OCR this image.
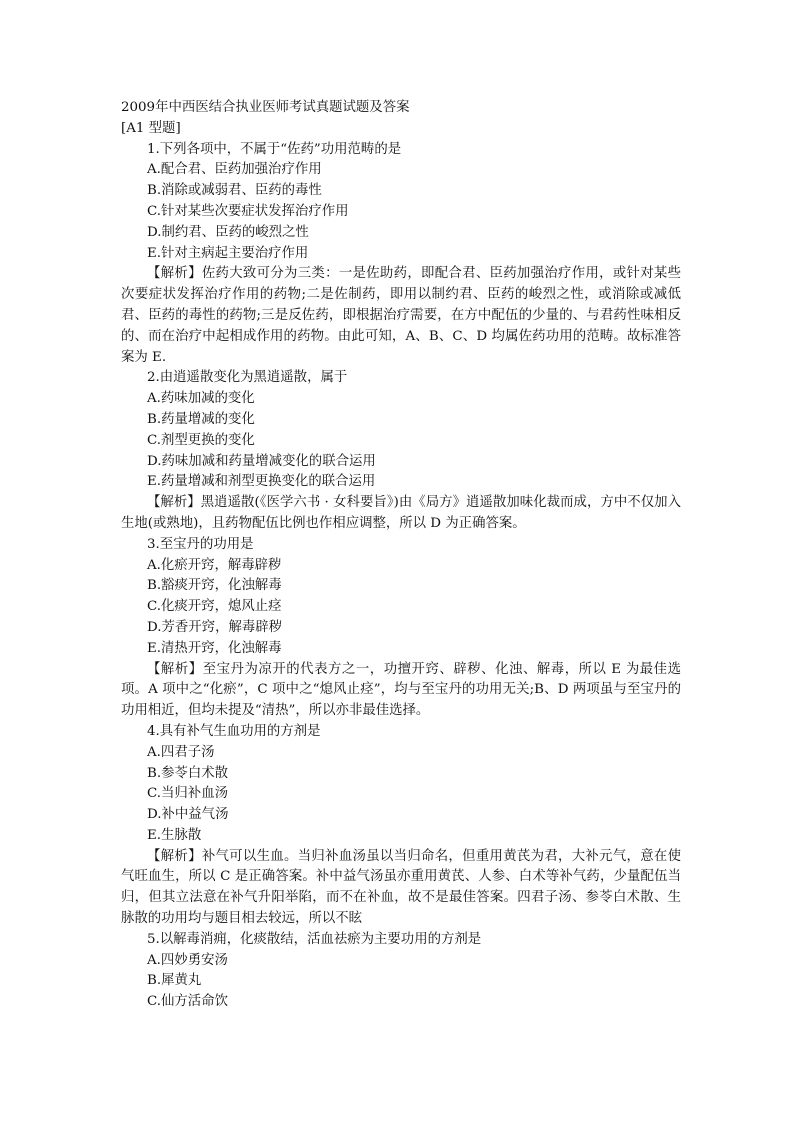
2009年中西医结合执业医师考试真题试题及答案
[A1 型题]
1.下列各项中，不属于“佐药”功用范畴的是
A.配合君、臣药加强治疗作用
B.消除或减弱君、臣药的毒性
C.针对某些次要症状发挥治疗作用
D.制约君、臣药的峻烈之性
E.针对主病起主要治疗作用
【解析】佐药大致可分为三类：一是佐助药，即配合君、臣药加强治疗作用，或针对某些次要症状发挥治疗作用的药物;二是佐制药，即用以制约君、臣药的峻烈之性，或消除或减低君、臣药的毒性的药物;三是反佐药，即根据治疗需要，在方中配伍的少量的、与君药性味相反的、而在治疗中起相成作用的药物。由此可知，A、B、C、D 均属佐药功用的范畴。故标准答案为 E.
2.由逍遥散变化为黑逍遥散，属于
A.药味加减的变化
B.药量增减的变化
C.剂型更换的变化
D.药味加减和药量增减变化的联合运用
E.药量增减和剂型更换变化的联合运用
【解析】黑逍遥散(《医学六书 · 女科要旨》)由《局方》逍遥散加味化裁而成，方中不仅加入生地(或熟地)，且药物配伍比例也作相应调整，所以 D 为正确答案。
3.至宝丹的功用是
A.化瘀开窍，解毒辟秽
B.豁痰开窍，化浊解毒
C.化痰开窍，熄风止痉
D.芳香开窍，解毒辟秽
E.清热开窍，化浊解毒
【解析】至宝丹为凉开的代表方之一，功擅开窍、辟秽、化浊、解毒，所以 E 为最佳选项。A 项中之“化瘀”，C 项中之“熄风止痉”，均与至宝丹的功用无关;B、D 两项虽与至宝丹的功用相近，但均未提及“清热”，所以亦非最佳选择。
4.具有补气生血功用的方剂是
A.四君子汤
B.参苓白术散
C.当归补血汤
D.补中益气汤
E.生脉散
【解析】补气可以生血。当归补血汤虽以当归命名，但重用黄芪为君，大补元气，意在使气旺血生，所以 C 是正确答案。补中益气汤虽亦重用黄芪、人参、白术等补气药，少量配伍当归，但其立法意在补气升阳举陷，而不在补血，故不是最佳答案。四君子汤、参苓白术散、生脉散的功用均与题目相去较远，所以不眩
5.以解毒消痈，化痰散结，活血祛瘀为主要功用的方剂是
A.四妙勇安汤
B.犀黄丸
C.仙方活命饮
